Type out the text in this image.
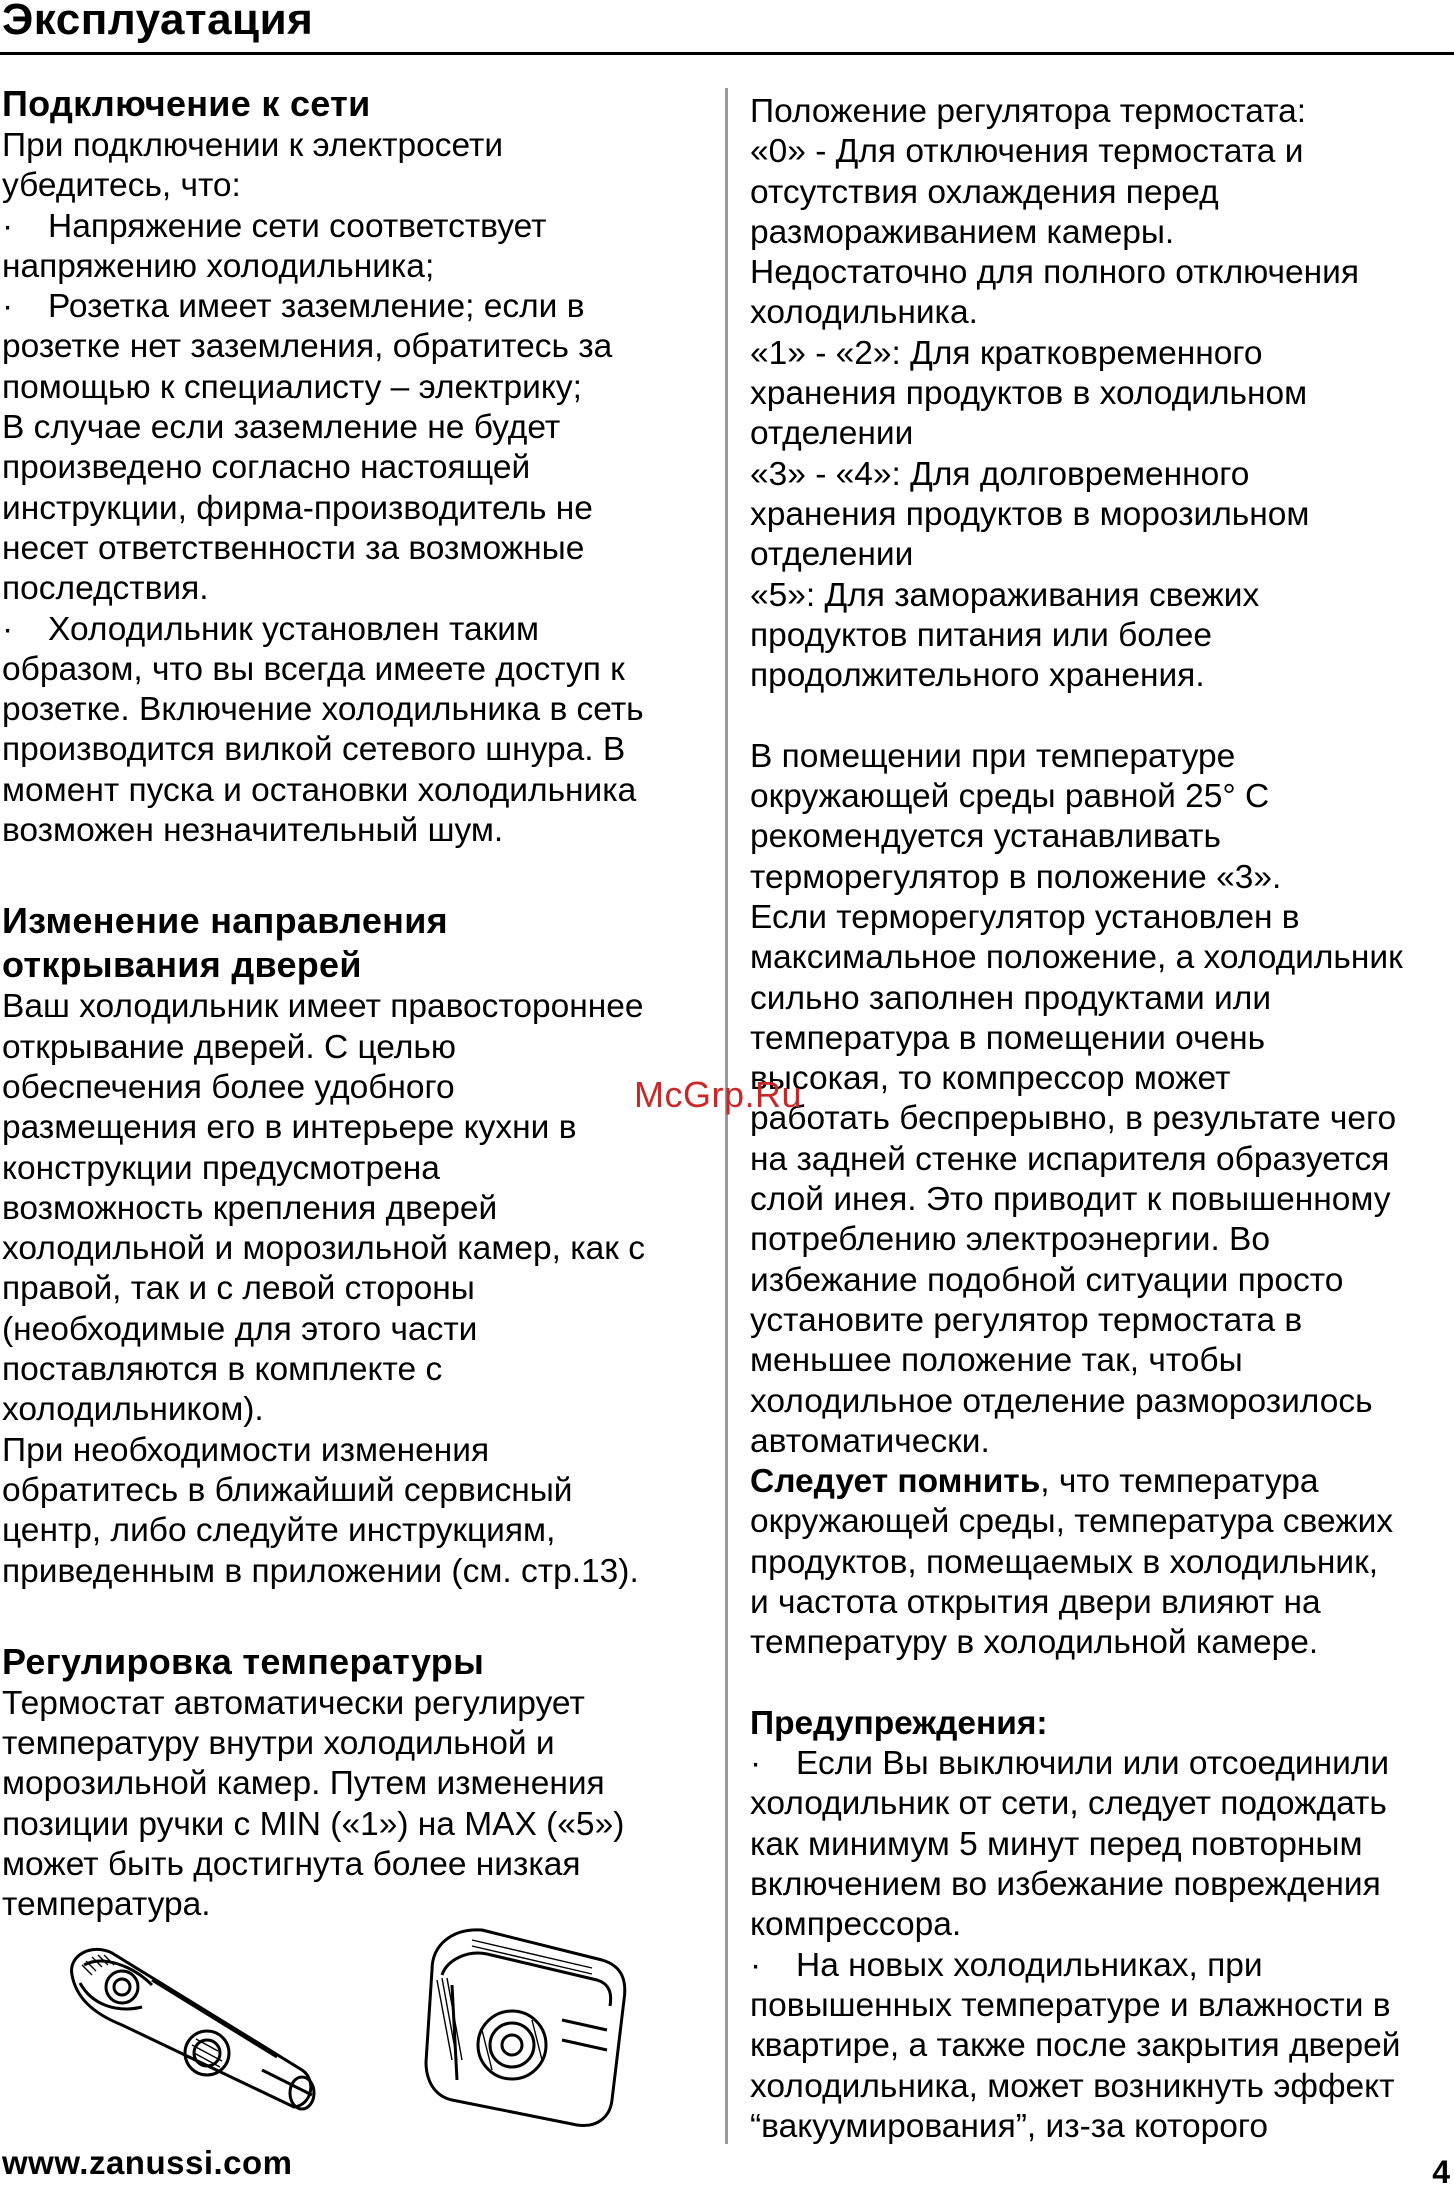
Эксплуатация
Подключение к сети
При подключении к электросети
убедитесь, что:
· Напряжение сети соответствует
напряжению холодильника;
· Розетка имеет заземление; если в
розетке нет заземления, обратитесь за
помощью к специалисту – электрику;
В случае если заземление не будет
произведено согласно настоящей
инструкции, фирма-производитель не
несет ответственности за возможные
последствия.
· Холодильник установлен таким
образом, что вы всегда имеете доступ к
розетке. Включение холодильника в сеть
производится вилкой сетевого шнура. В
момент пуска и остановки холодильника
возможен незначительный шум.
Изменение направления
открывания дверей
Ваш холодильник имеет правостороннее
открывание дверей. С целью
обеспечения более удобного
размещения его в интерьере кухни в
конструкции предусмотрена
возможность крепления дверей
холодильной и морозильной камер, как с
правой, так и с левой стороны
(необходимые для этого части
поставляются в комплекте с
холодильником).
При необходимости изменения
обратитесь в ближайший сервисный
центр, либо следуйте инструкциям,
приведенным в приложении (см. стр.13).
Регулировка температуры
Термостат автоматически регулирует
температуру внутри холодильной и
морозильной камер. Путем изменения
позиции ручки с MIN («1») на MAX («5»)
может быть достигнута более низкая
температура.
Положение регулятора термостата:
«0» - Для отключения термостата и
отсутствия охлаждения перед
размораживанием камеры.
Недостаточно для полного отключения
холодильника.
«1» - «2»: Для кратковременного
хранения продуктов в холодильном
отделении
«3» - «4»: Для долговременного
хранения продуктов в морозильном
отделении
«5»: Для замораживания свежих
продуктов питания или более
продолжительного хранения.
В помещении при температуре
окружающей среды равной 25° С
рекомендуется устанавливать
терморегулятор в положение «3».
Если терморегулятор установлен в
максимальное положение, а холодильник
сильно заполнен продуктами или
температура в помещении очень
высокая, то компрессор может
работать беспрерывно, в результате чего
на задней стенке испарителя образуется
слой инея. Это приводит к повышенному
потреблению электроэнергии. Во
избежание подобной ситуации просто
установите регулятор термостата в
меньшее положение так, чтобы
холодильное отделение разморозилось
автоматически.
Следует помнить, что температура
окружающей среды, температура свежих
продуктов, помещаемых в холодильник,
и частота открытия двери влияют на
температуру в холодильной камере.
Предупреждения:
· Если Вы выключили или отсоединили
холодильник от сети, следует подождать
как минимум 5 минут перед повторным
включением во избежание повреждения
компрессора.
· На новых холодильниках, при
повышенных температуре и влажности в
квартире, а также после закрытия дверей
холодильника, может возникнуть эффект
“вакуумирования”, из-за которого
McGrp.Ru
www.zanussi.com	4
